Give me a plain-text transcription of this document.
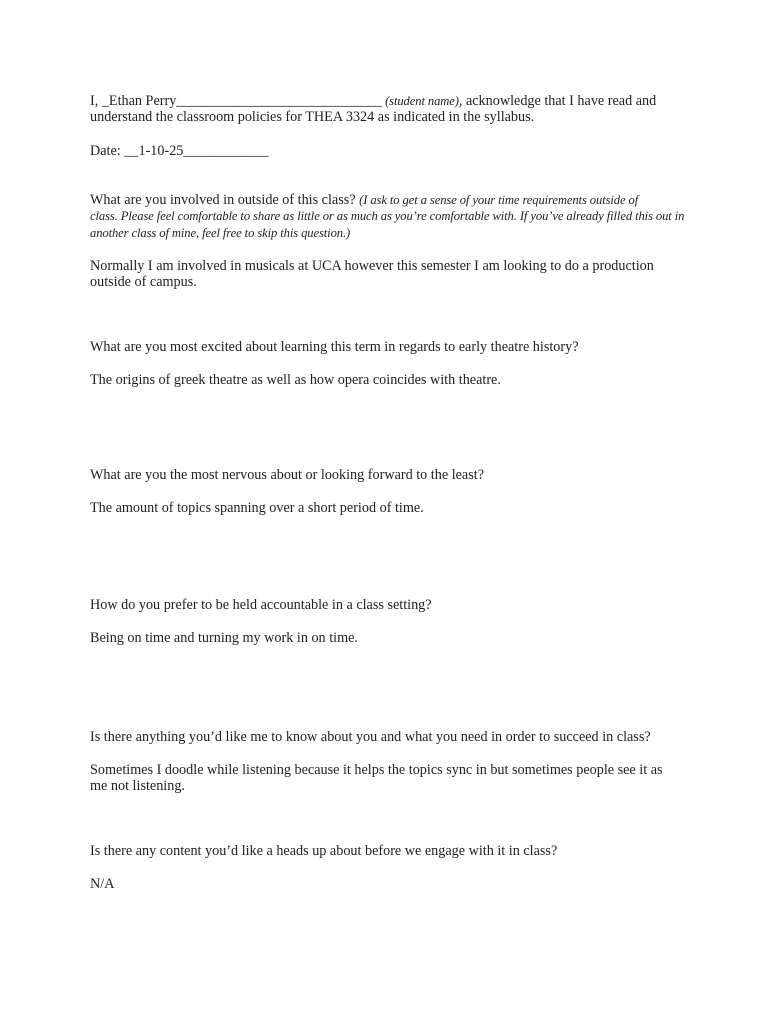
I, _Ethan Perry_____________________________ (student name), acknowledge that I have read and
understand the classroom policies for THEA 3324 as indicated in the syllabus.
Date: __1-10-25____________
What are you involved in outside of this class? (I ask to get a sense of your time requirements outside of
class. Please feel comfortable to share as little or as much as you’re comfortable with. If you’ve already filled this out in
another class of mine, feel free to skip this question.)
Normally I am involved in musicals at UCA however this semester I am looking to do a production
outside of campus.
What are you most excited about learning this term in regards to early theatre history?
The origins of greek theatre as well as how opera coincides with theatre.
What are you the most nervous about or looking forward to the least?
The amount of topics spanning over a short period of time.
How do you prefer to be held accountable in a class setting?
Being on time and turning my work in on time.
Is there anything you’d like me to know about you and what you need in order to succeed in class?
Sometimes I doodle while listening because it helps the topics sync in but sometimes people see it as
me not listening.
Is there any content you’d like a heads up about before we engage with it in class?
N/A
